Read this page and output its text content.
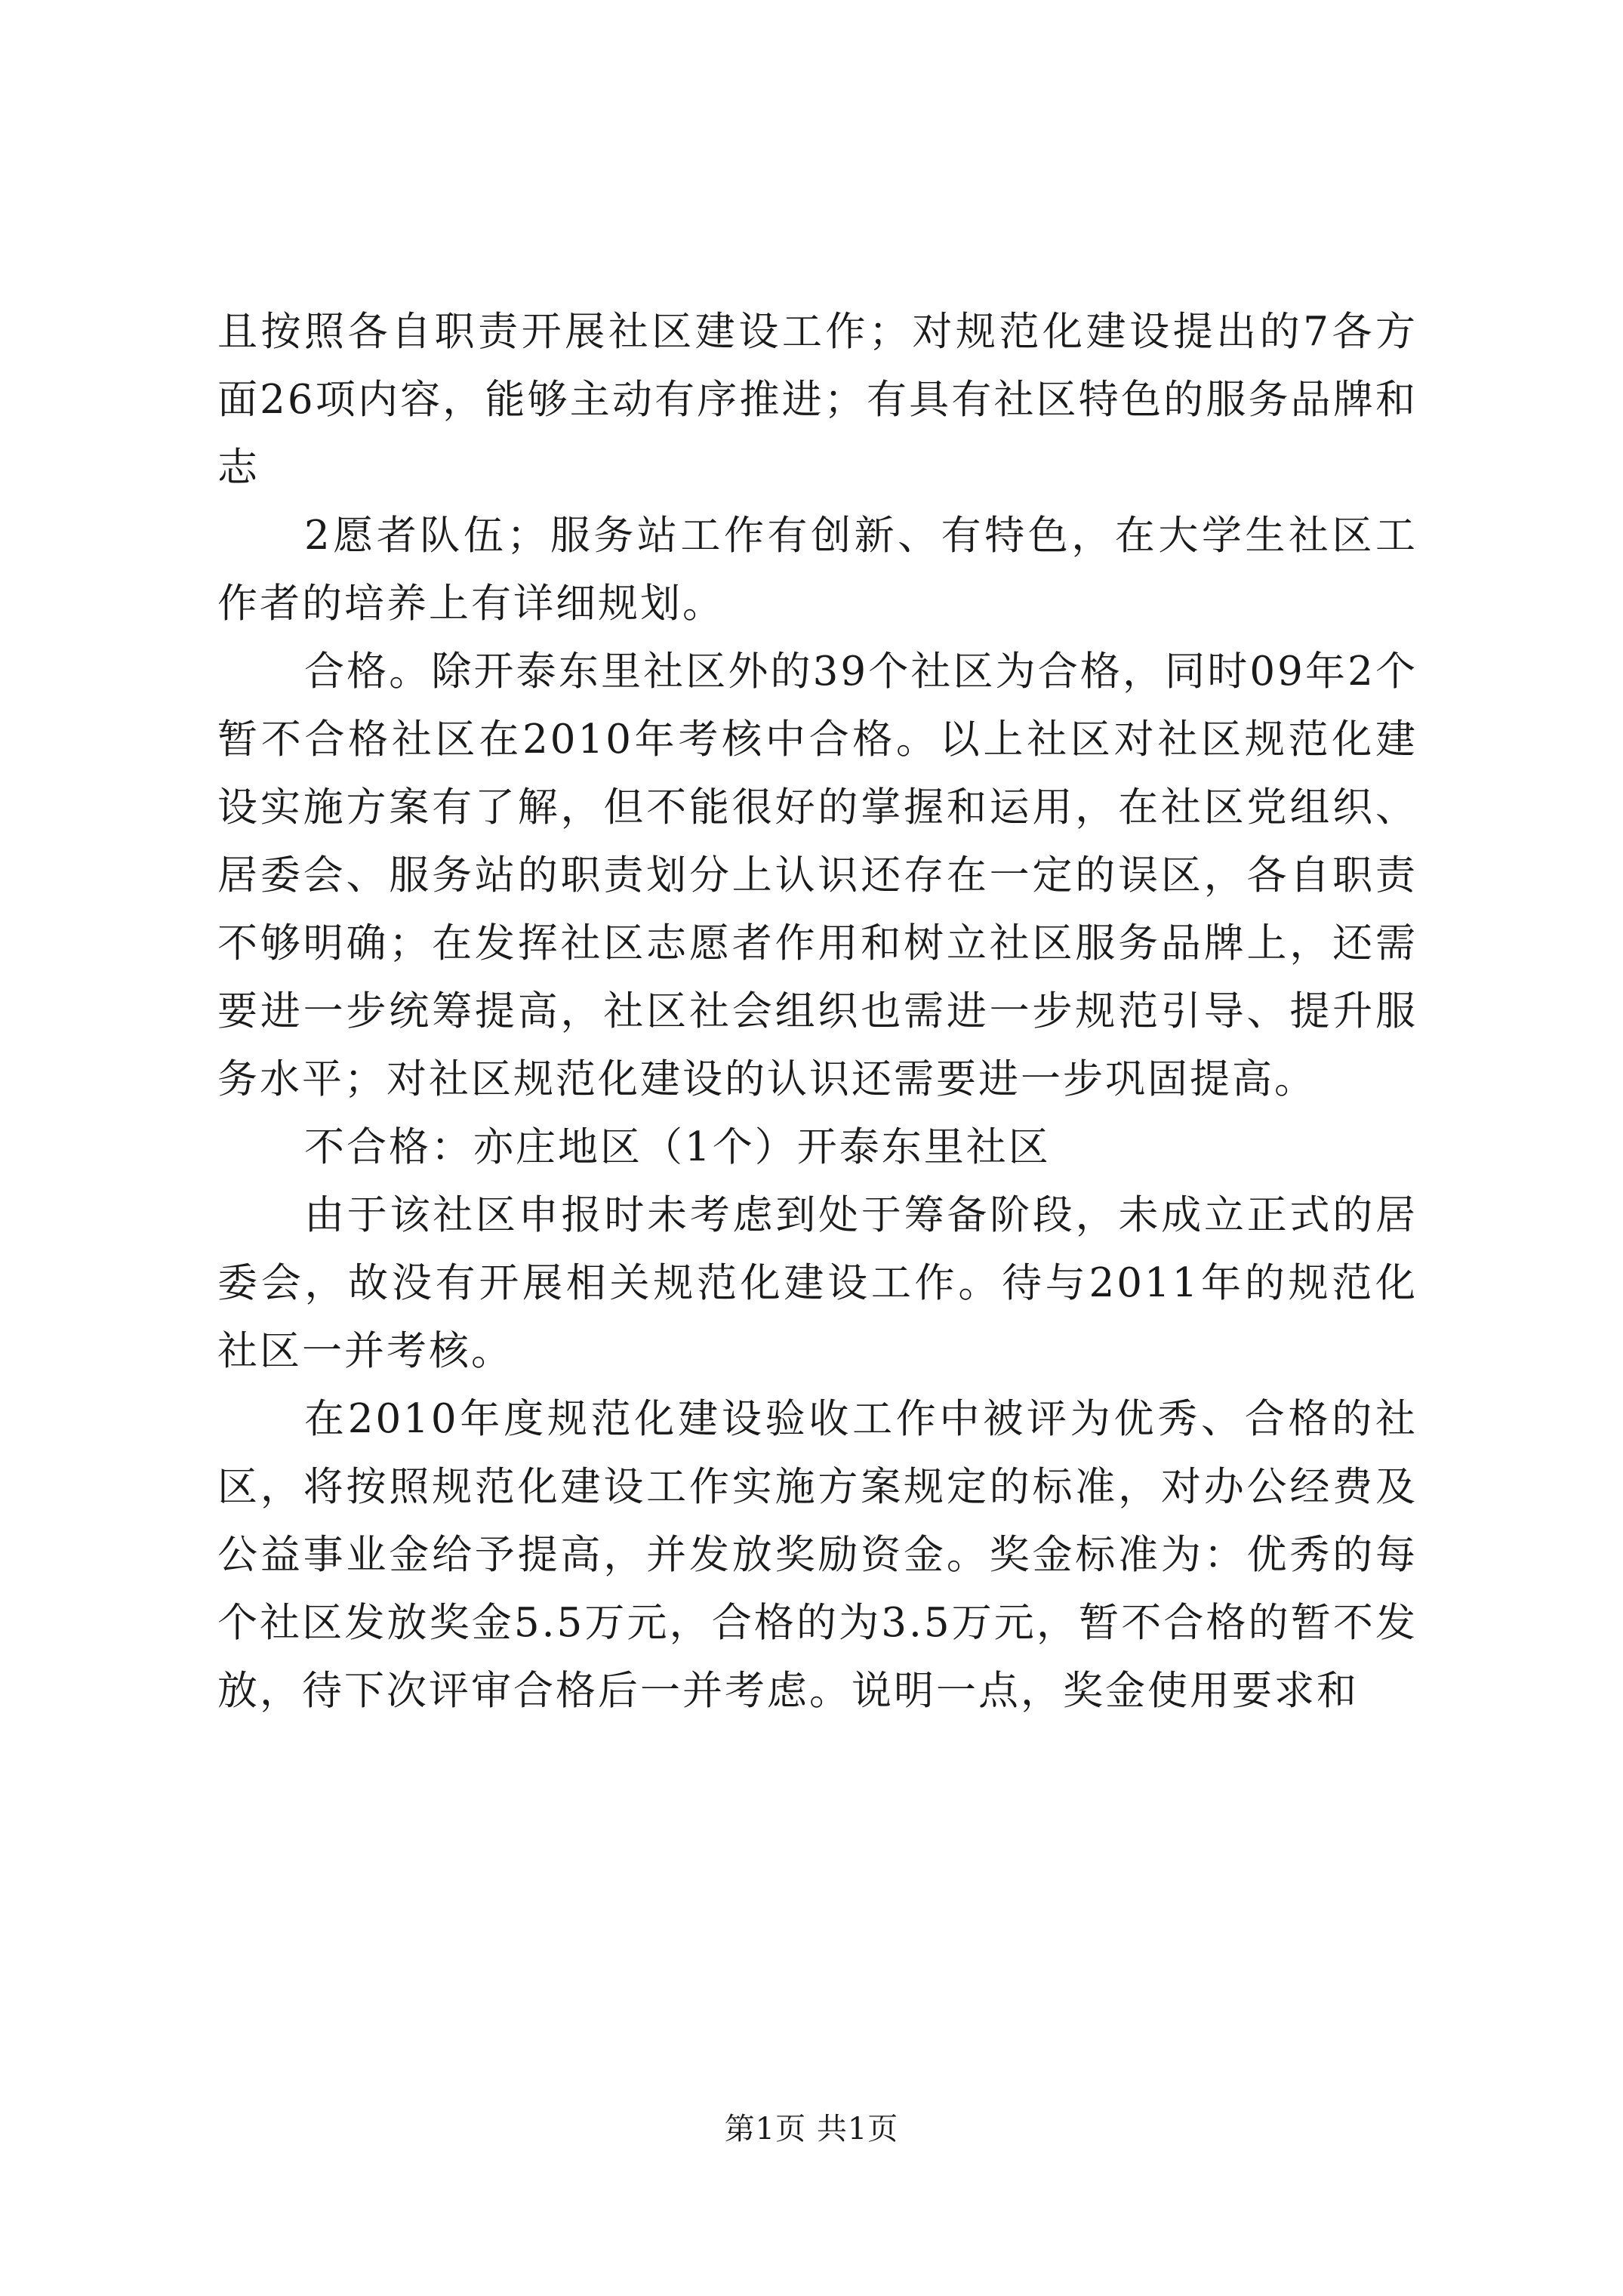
且按照各自职责开展社区建设工作；对规范化建设提出的7各方面26项内容，能够主动有序推进；有具有社区特色的服务品牌和志

2愿者队伍；服务站工作有创新、有特色，在大学生社区工作者的培养上有详细规划。

合格。除开泰东里社区外的39个社区为合格，同时09年2个暂不合格社区在2010年考核中合格。以上社区对社区规范化建设实施方案有了解，但不能很好的掌握和运用，在社区党组织、居委会、服务站的职责划分上认识还存在一定的误区，各自职责不够明确；在发挥社区志愿者作用和树立社区服务品牌上，还需要进一步统筹提高，社区社会组织也需进一步规范引导、提升服务水平；对社区规范化建设的认识还需要进一步巩固提高。

不合格：亦庄地区（1个）开泰东里社区

由于该社区申报时未考虑到处于筹备阶段，未成立正式的居委会，故没有开展相关规范化建设工作。待与2011年的规范化社区一并考核。

在2010年度规范化建设验收工作中被评为优秀、合格的社区，将按照规范化建设工作实施方案规定的标准，对办公经费及公益事业金给予提高，并发放奖励资金。奖金标准为：优秀的每个社区发放奖金5.5万元，合格的为3.5万元，暂不合格的暂不发放，待下次评审合格后一并考虑。说明一点，奖金使用要求和

第1页 共1页
